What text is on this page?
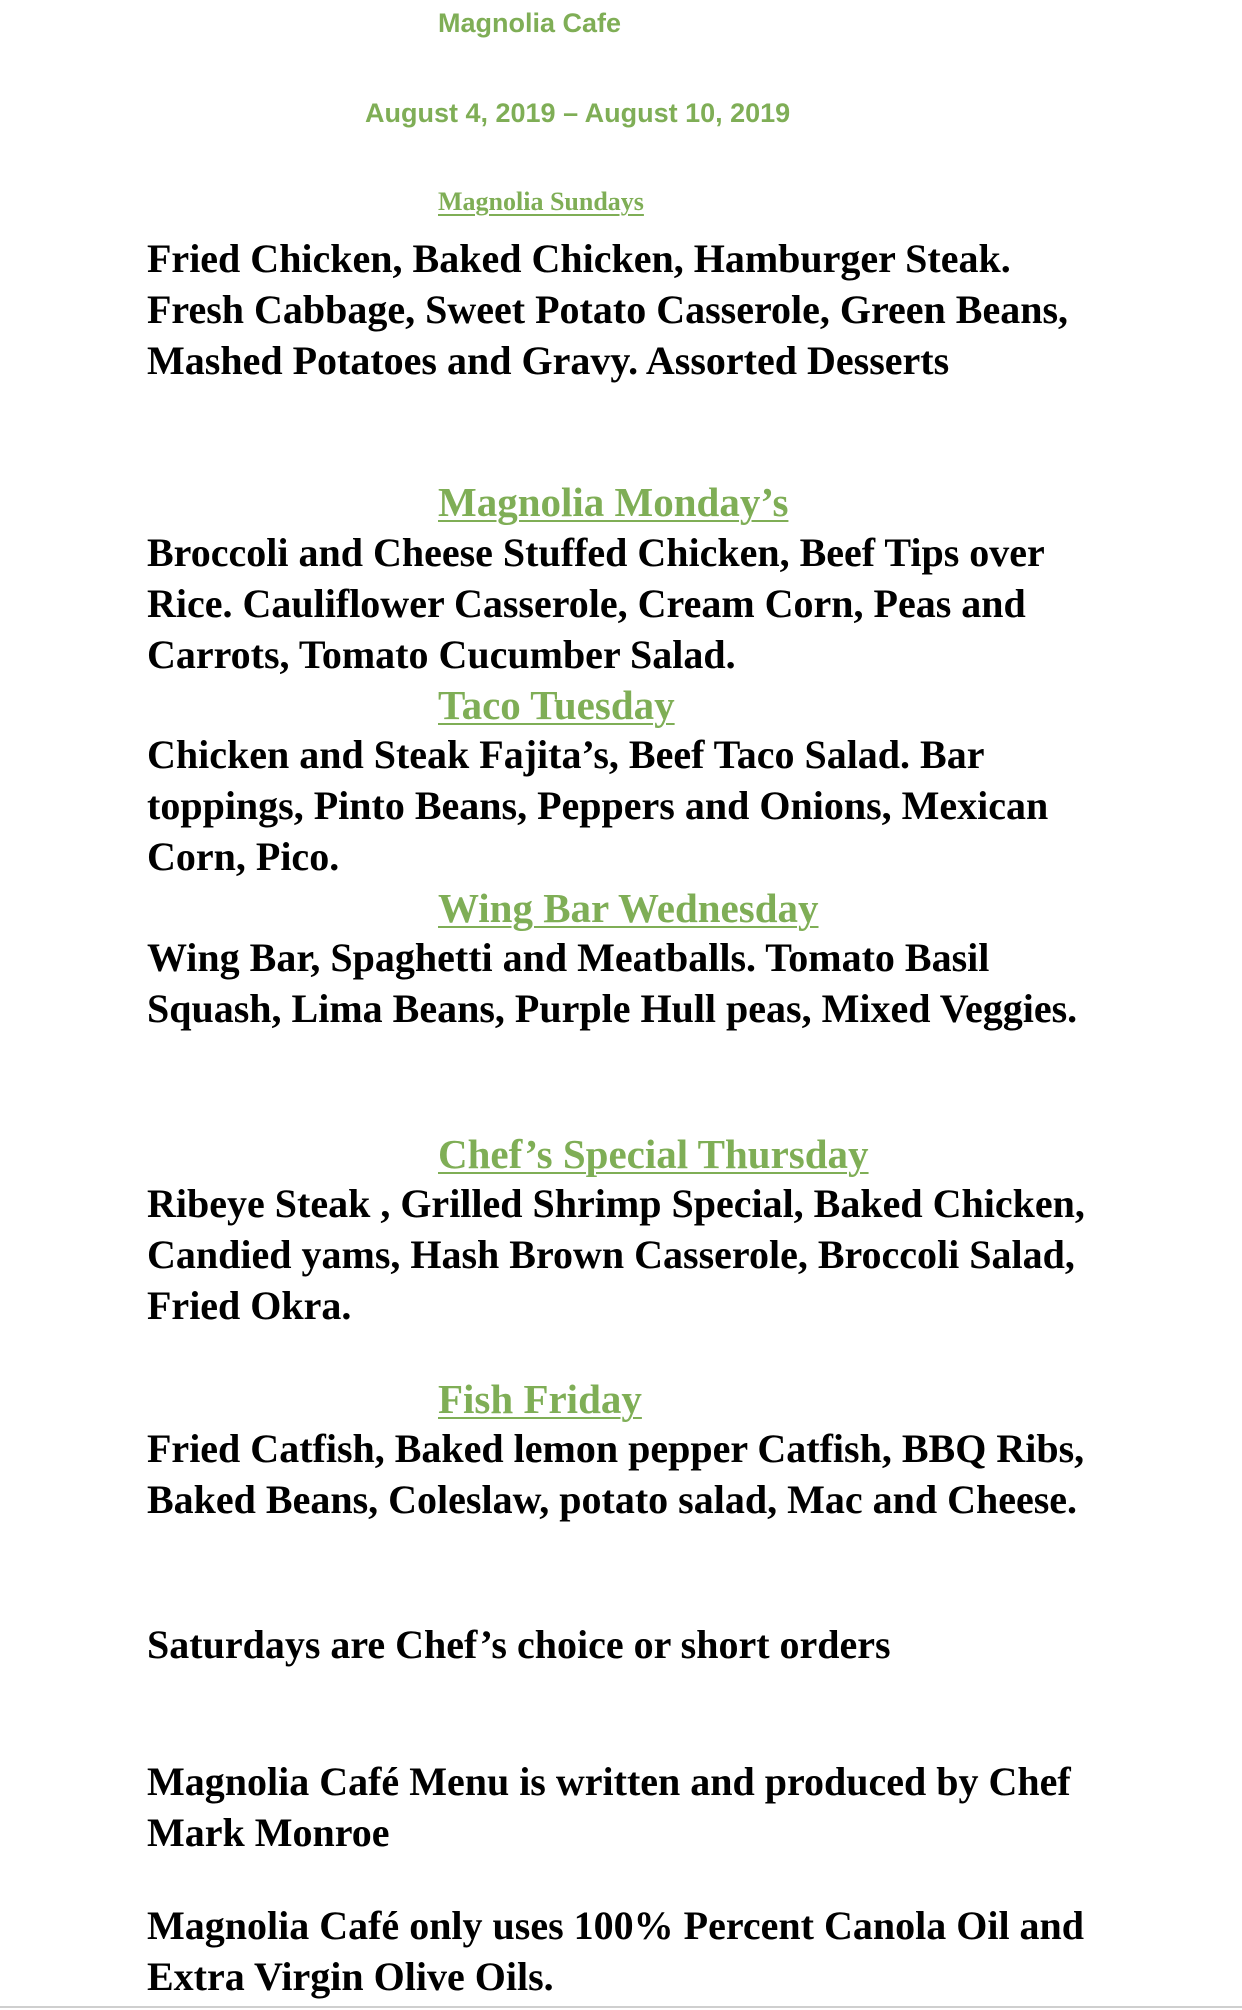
Magnolia Cafe
August 4, 2019 – August 10, 2019
Magnolia Sundays

Fried Chicken, Baked Chicken, Hamburger Steak. Fresh Cabbage, Sweet Potato Casserole, Green Beans, Mashed Potatoes and Gravy. Assorted Desserts

Magnolia Monday’s

Broccoli and Cheese Stuffed Chicken, Beef Tips over Rice. Cauliflower Casserole, Cream Corn, Peas and Carrots, Tomato Cucumber Salad.

Taco Tuesday

Chicken and Steak Fajita’s, Beef Taco Salad. Bar toppings, Pinto Beans, Peppers and Onions, Mexican Corn, Pico.

Wing Bar Wednesday

Wing Bar, Spaghetti and Meatballs. Tomato Basil Squash, Lima Beans, Purple Hull peas, Mixed Veggies.

Chef’s Special Thursday

Ribeye Steak , Grilled Shrimp Special, Baked Chicken, Candied yams, Hash Brown Casserole, Broccoli Salad, Fried Okra.

Fish Friday

Fried Catfish, Baked lemon pepper Catfish, BBQ Ribs, Baked Beans, Coleslaw, potato salad, Mac and Cheese.

Saturdays are Chef’s choice or short orders

Magnolia Café Menu is written and produced by Chef Mark Monroe

Magnolia Café only uses 100% Percent Canola Oil and Extra Virgin Olive Oils.
